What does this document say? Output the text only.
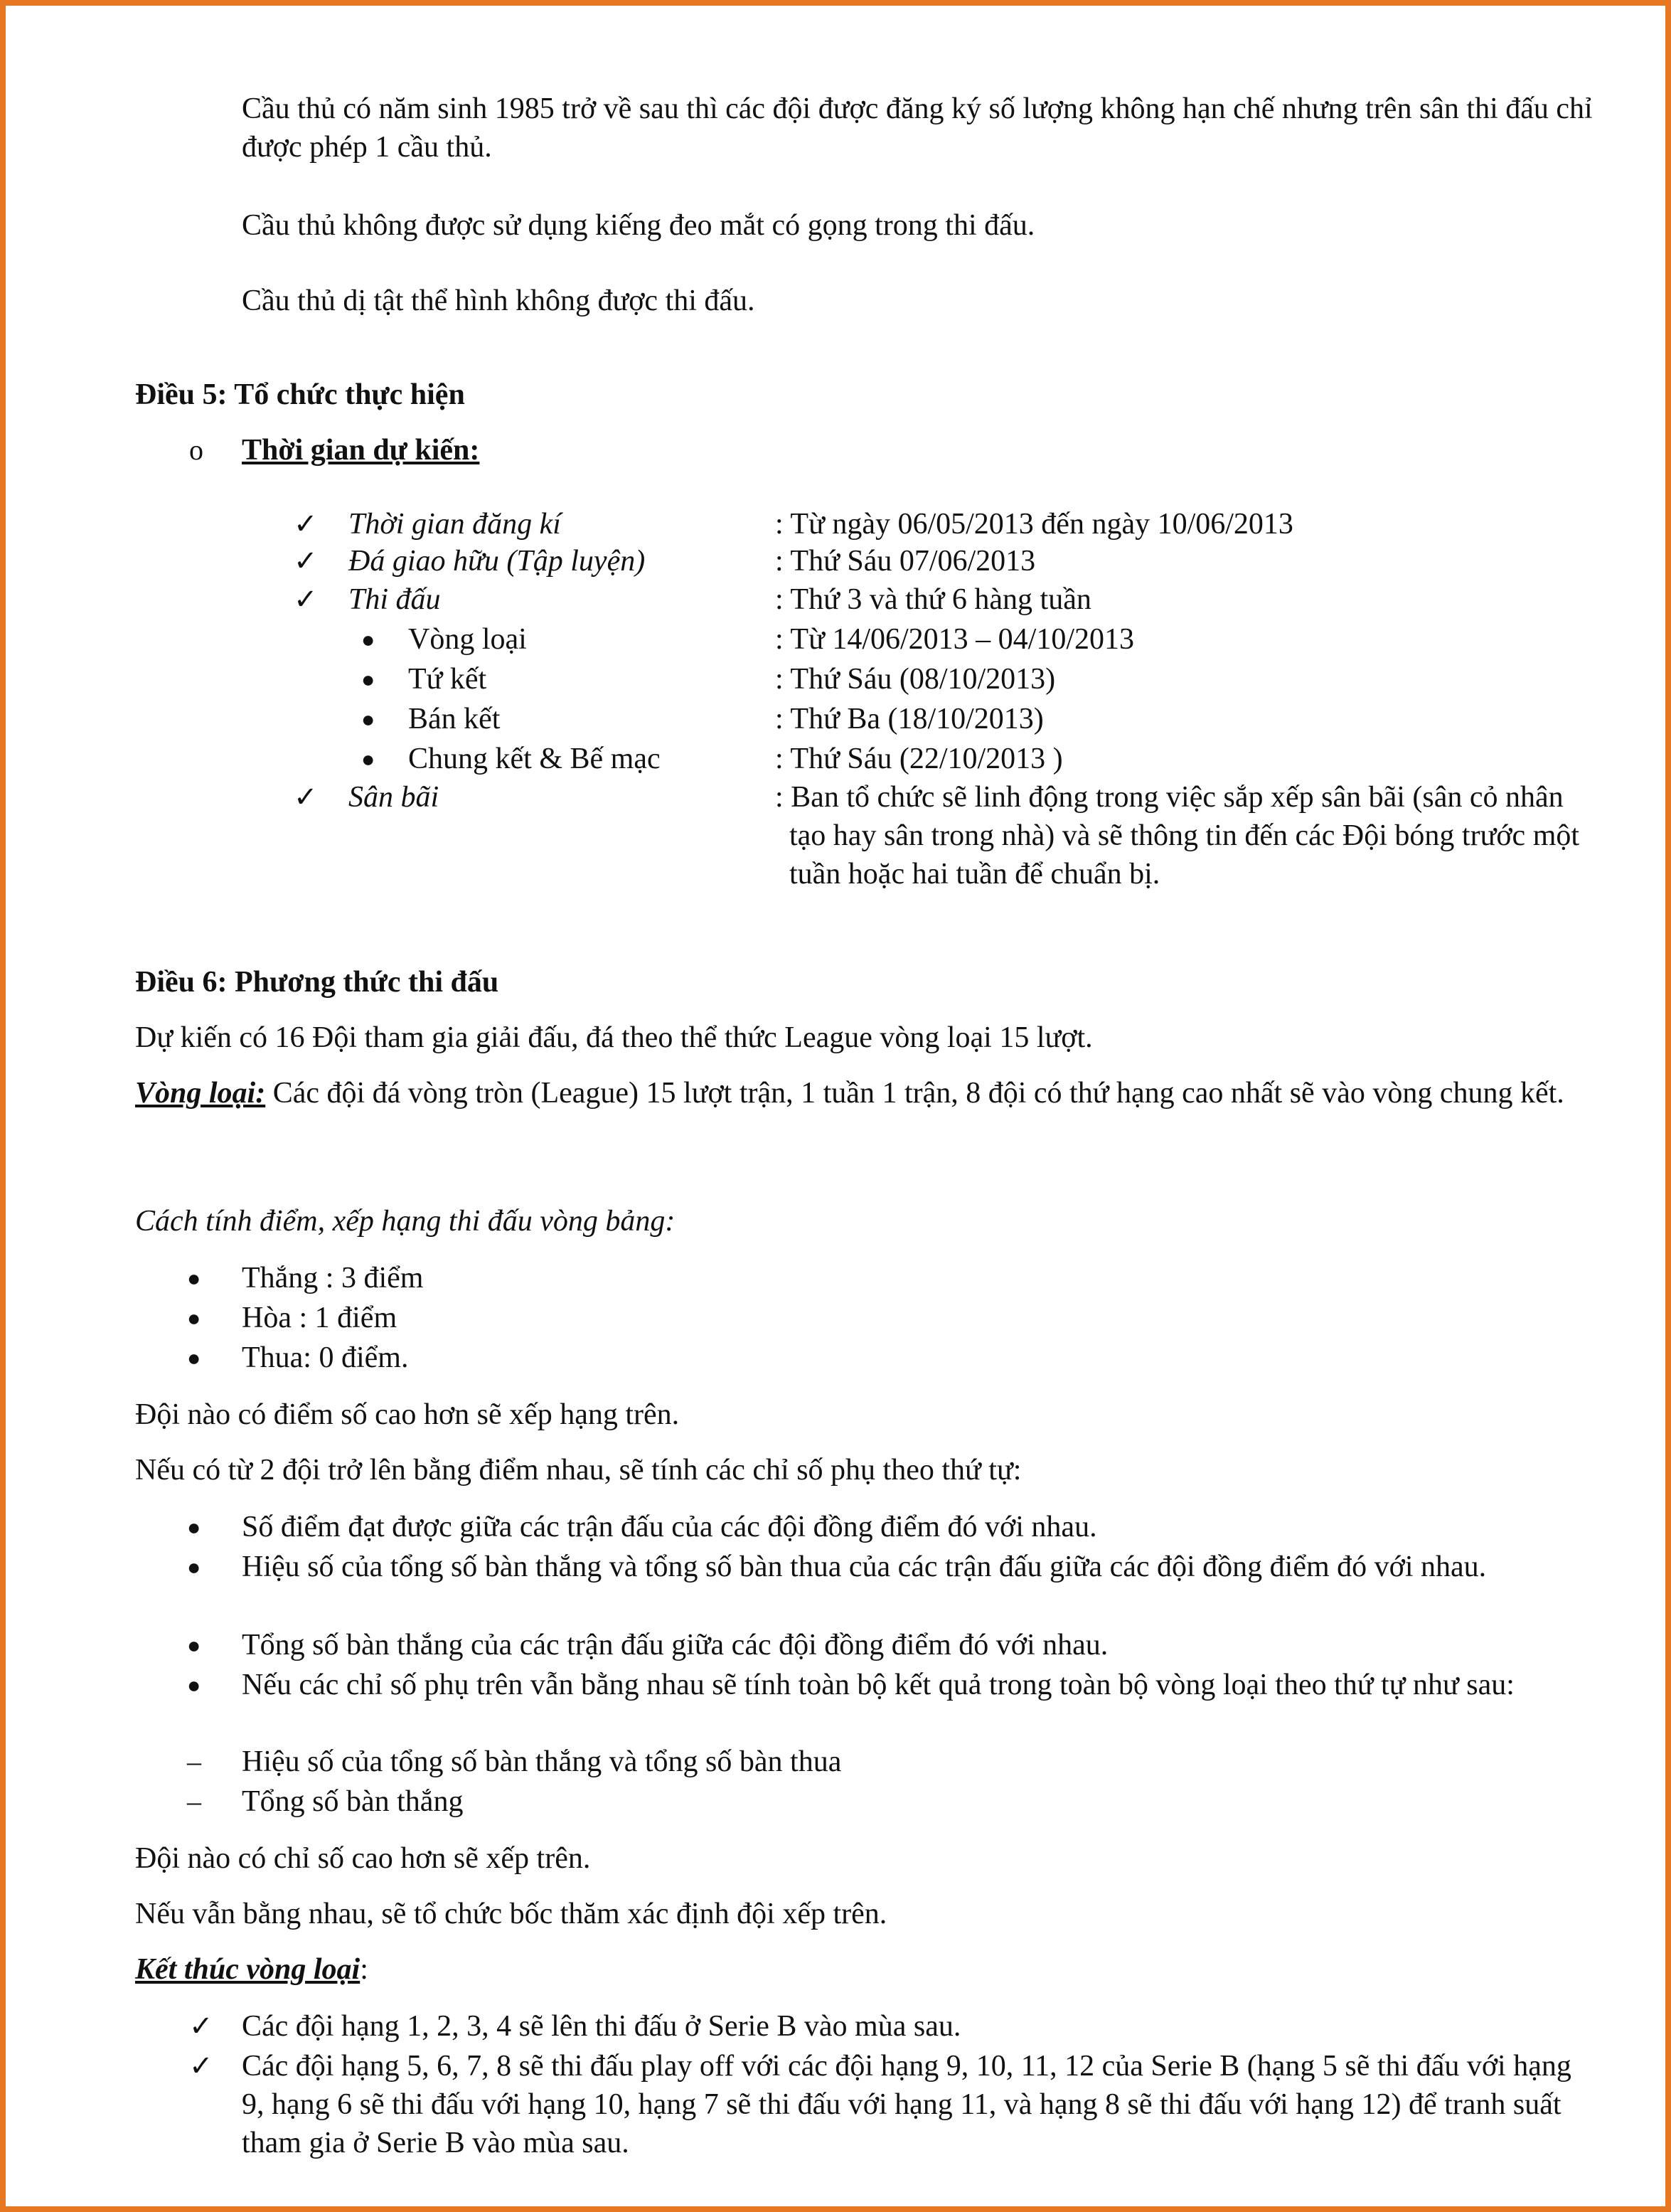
Cầu thủ có năm sinh 1985 trở về sau thì các đội được đăng ký số lượng không hạn chế nhưng trên sân thi đấu chỉ được phép 1 cầu thủ.

Cầu thủ không được sử dụng kiếng đeo mắt có gọng trong thi đấu.

Cầu thủ dị tật thể hình không được thi đấu.

Điều 5: Tổ chức thực hiện

o Thời gian dự kiến:

✓ Thời gian đăng kí	: Từ ngày 06/05/2013 đến ngày 10/06/2013
✓ Đá giao hữu (Tập luyện)	: Thứ Sáu 07/06/2013
✓ Thi đấu	: Thứ 3 và thứ 6 hàng tuần
● Vòng loại	: Từ 14/06/2013 – 04/10/2013
● Tứ kết	: Thứ Sáu (08/10/2013)
● Bán kết	: Thứ Ba (18/10/2013)
● Chung kết & Bế mạc	: Thứ Sáu (22/10/2013 )
✓ Sân bãi	: Ban tổ chức sẽ linh động trong việc sắp xếp sân bãi (sân cỏ nhân tạo hay sân trong nhà) và sẽ thông tin đến các Đội bóng trước một tuần hoặc hai tuần để chuẩn bị.

Điều 6: Phương thức thi đấu

Dự kiến có 16 Đội tham gia giải đấu, đá theo thể thức League vòng loại 15 lượt.

Vòng loại: Các đội đá vòng tròn (League) 15 lượt trận, 1 tuần 1 trận, 8 đội có thứ hạng cao nhất sẽ vào vòng chung kết.

Cách tính điểm, xếp hạng thi đấu vòng bảng:

● Thắng : 3 điểm
● Hòa : 1 điểm
● Thua: 0 điểm.

Đội nào có điểm số cao hơn sẽ xếp hạng trên.

Nếu có từ 2 đội trở lên bằng điểm nhau, sẽ tính các chỉ số phụ theo thứ tự:

● Số điểm đạt được giữa các trận đấu của các đội đồng điểm đó với nhau.
● Hiệu số của tổng số bàn thắng và tổng số bàn thua của các trận đấu giữa các đội đồng điểm đó với nhau.
● Tổng số bàn thắng của các trận đấu giữa các đội đồng điểm đó với nhau.
● Nếu các chỉ số phụ trên vẫn bằng nhau sẽ tính toàn bộ kết quả trong toàn bộ vòng loại theo thứ tự như sau:
– Hiệu số của tổng số bàn thắng và tổng số bàn thua
– Tổng số bàn thắng

Đội nào có chỉ số cao hơn sẽ xếp trên.

Nếu vẫn bằng nhau, sẽ tổ chức bốc thăm xác định đội xếp trên.

Kết thúc vòng loại:

✓ Các đội hạng 1, 2, 3, 4 sẽ lên thi đấu ở Serie B vào mùa sau.
✓ Các đội hạng 5, 6, 7, 8 sẽ thi đấu play off với các đội hạng 9, 10, 11, 12 của Serie B (hạng 5 sẽ thi đấu với hạng 9, hạng 6 sẽ thi đấu với hạng 10, hạng 7 sẽ thi đấu với hạng 11, và hạng 8 sẽ thi đấu với hạng 12) để tranh suất tham gia ở Serie B vào mùa sau.
